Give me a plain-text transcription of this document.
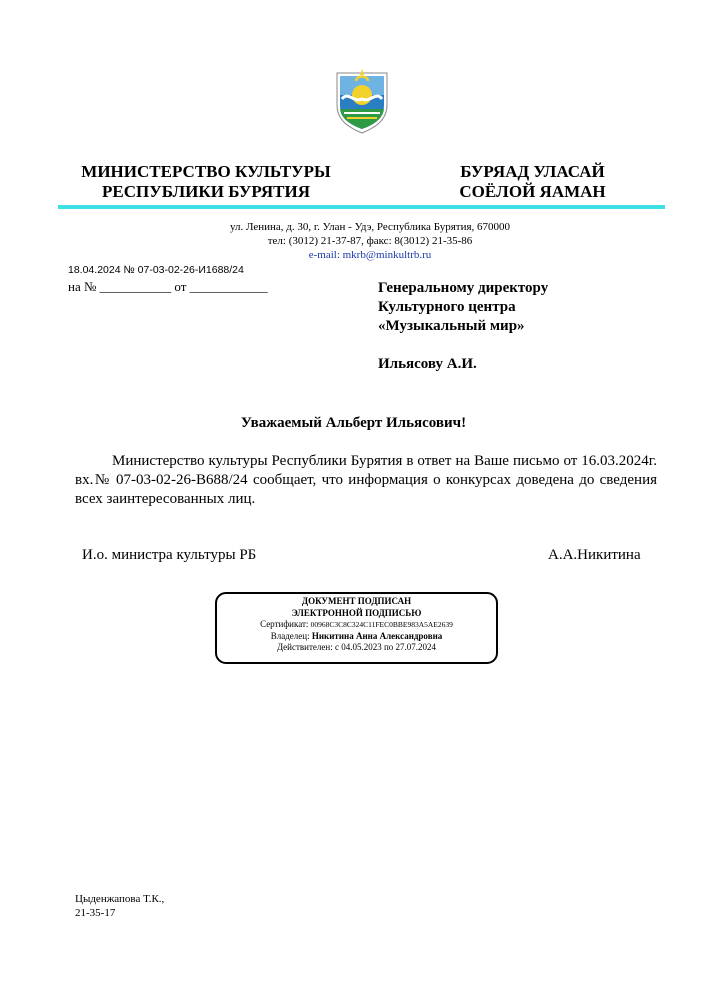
МИНИСТЕРСТВО КУЛЬТУРЫ
РЕСПУБЛИКИ БУРЯТИЯ
БУРЯАД УЛАСАЙ
СОЁЛОЙ ЯАМАН
ул. Ленина, д. 30, г. Улан - Удэ, Республика Бурятия, 670000
тел: (3012) 21-37-87, факс: 8(3012) 21-35-86
e-mail: mkrb@minkultrb.ru
18.04.2024 № 07-03-02-26-И1688/24
на № ___________ от ____________	Генеральному директору
Культурного центра
«Музыкальный мир»
Ильясову А.И.
Уважаемый Альберт Ильясович!
Министерство культуры Республики Бурятия в ответ на Ваше письмо от 16.03.2024г. вх.№ 07-03-02-26-В688/24 сообщает, что информация о конкурсах доведена до сведения всех заинтересованных лиц.
И.о. министра культуры РБ	А.А.Никитина
ДОКУМЕНТ ПОДПИСАН
ЭЛЕКТРОННОЙ ПОДПИСЬЮ
Сертификат: 00968C3C8C324C11FEC0BBE983A5AE2639
Владелец: Никитина Анна Александровна
Действителен: с 04.05.2023 по 27.07.2024
Цыденжапова Т.К.,
21-35-17
